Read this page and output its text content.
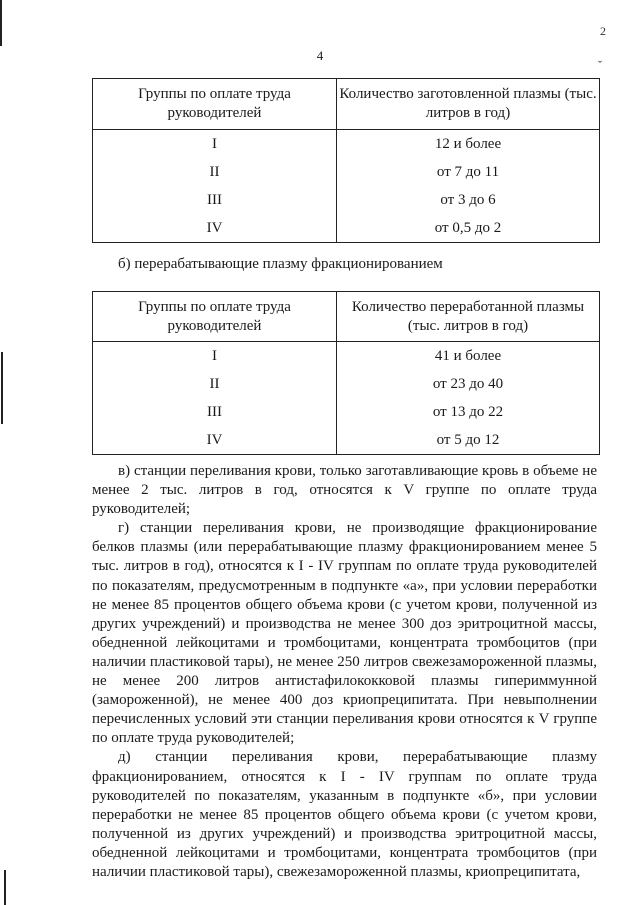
4
2
ˇ
Группы по оплате труда руководителей	Количество заготовленной плазмы (тыс. литров в год)
I	12 и более
II	от 7 до 11
III	от 3 до 6
IV	от 0,5 до 2
б) перерабатывающие плазму фракционированием
Группы по оплате труда руководителей	Количество переработанной плазмы (тыс. литров в год)
I	41 и более
II	от 23 до 40
III	от 13 до 22
IV	от 5 до 12

в) станции переливания крови, только заготавливающие кровь в объеме не менее 2 тыс. литров в год, относятся к V группе по оплате труда руководителей;

г) станции переливания крови, не производящие фракционирование белков плазмы (или перерабатывающие плазму фракционированием менее 5 тыс. литров в год), относятся к I - IV группам по оплате труда руководителей по показателям, предусмотренным в подпункте «а», при условии переработки не менее 85 процентов общего объема крови (с учетом крови, полученной из других учреждений) и производства не менее 300 доз эритроцитной массы, обедненной лейкоцитами и тромбоцитами, концентрата тромбоцитов (при наличии пластиковой тары), не менее 250 литров свежезамороженной плазмы, не менее 200 литров антистафилококковой плазмы гипериммунной (замороженной), не менее 400 доз криопреципитата. При невыполнении перечисленных условий эти станции переливания крови относятся к V группе по оплате труда руководителей;

д) станции переливания крови, перерабатывающие плазму фракционированием, относятся к I - IV группам по оплате труда руководителей по показателям, указанным в подпункте «б», при условии переработки не менее 85 процентов общего объема крови (с учетом крови, полученной из других учреждений) и производства эритроцитной массы, обедненной лейкоцитами и тромбоцитами, концентрата тромбоцитов (при наличии пластиковой тары), свежезамороженной плазмы, криопреципитата,
